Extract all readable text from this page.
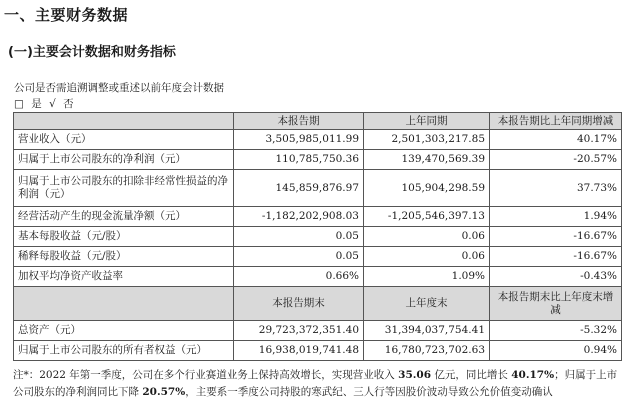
一、主要财务数据
(一)主要会计数据和财务指标
公司是否需追溯调整或重述以前年度会计数据
□ 是 √ 否
	本报告期	上年同期	本报告期比上年同期增减
营业收入（元）	3,505,985,011.99	2,501,303,217.85	40.17%
归属于上市公司股东的净利润（元）	110,785,750.36	139,470,569.39	-20.57%
归属于上市公司股东的扣除非经常性损益的净利润（元）	145,859,876.97	105,904,298.59	37.73%
经营活动产生的现金流量净额（元）	-1,182,202,908.03	-1,205,546,397.13	1.94%
基本每股收益（元/股）	0.05	0.06	-16.67%
稀释每股收益（元/股）	0.05	0.06	-16.67%
加权平均净资产收益率	0.66%	1.09%	-0.43%
	本报告期末	上年度末	本报告期末比上年度末增减
总资产（元）	29,723,372,351.40	31,394,037,754.41	-5.32%
归属于上市公司股东的所有者权益（元）	16,938,019,741.48	16,780,723,702.63	0.94%
注*：2022 年第一季度，公司在多个行业赛道业务上保持高效增长，实现营业收入 35.06 亿元，同比增长 40.17%；归属于上市公司股东的净利润同比下降 20.57%，主要系一季度公司持股的寒武纪、三人行等因股价波动导致公允价值变动确认
